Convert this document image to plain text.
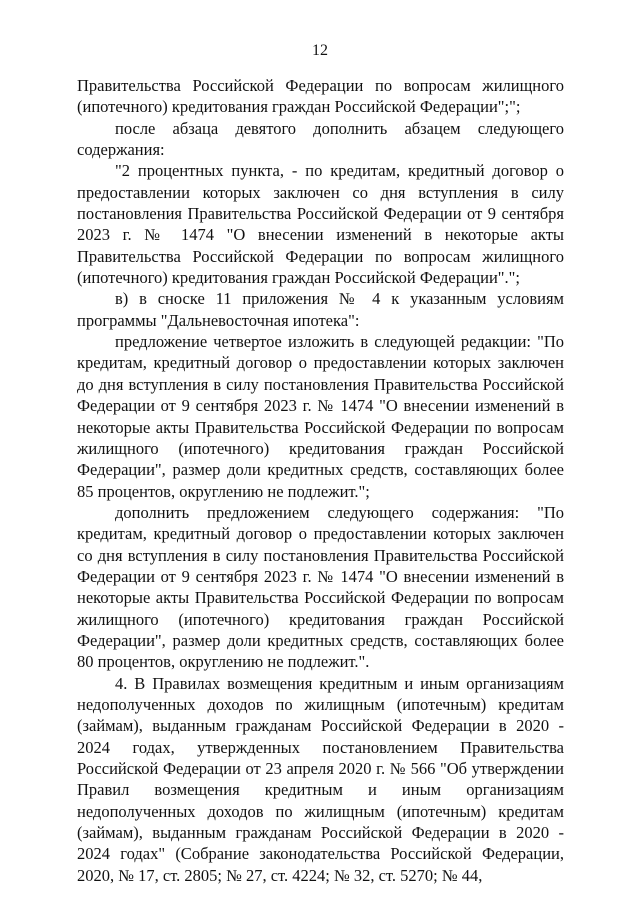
12

Правительства Российской Федерации по вопросам жилищного (ипотечного) кредитования граждан Российской Федерации";";

после абзаца девятого дополнить абзацем следующего содержания:

"2 процентных пункта, - по кредитам, кредитный договор о предоставлении которых заключен со дня вступления в силу постановления Правительства Российской Федерации от 9 сентября 2023 г. № 1474 "О внесении изменений в некоторые акты Правительства Российской Федерации по вопросам жилищного (ипотечного) кредитования граждан Российской Федерации".";

в) в сноске 11 приложения № 4 к указанным условиям программы "Дальневосточная ипотека":

предложение четвертое изложить в следующей редакции: "По кредитам, кредитный договор о предоставлении которых заключен до дня вступления в силу постановления Правительства Российской Федерации от 9 сентября 2023 г. № 1474 "О внесении изменений в некоторые акты Правительства Российской Федерации по вопросам жилищного (ипотечного) кредитования граждан Российской Федерации", размер доли кредитных средств, составляющих более 85 процентов, округлению не подлежит.";

дополнить предложением следующего содержания: "По кредитам, кредитный договор о предоставлении которых заключен со дня вступления в силу постановления Правительства Российской Федерации от 9 сентября 2023 г. № 1474 "О внесении изменений в некоторые акты Правительства Российской Федерации по вопросам жилищного (ипотечного) кредитования граждан Российской Федерации", размер доли кредитных средств, составляющих более 80 процентов, округлению не подлежит.".

4. В Правилах возмещения кредитным и иным организациям недополученных доходов по жилищным (ипотечным) кредитам (займам), выданным гражданам Российской Федерации в 2020 - 2024 годах, утвержденных постановлением Правительства Российской Федерации от 23 апреля 2020 г. № 566 "Об утверждении Правил возмещения кредитным и иным организациям недополученных доходов по жилищным (ипотечным) кредитам (займам), выданным гражданам Российской Федерации в 2020 - 2024 годах" (Собрание законодательства Российской Федерации, 2020, № 17, ст. 2805; № 27, ст. 4224; № 32, ст. 5270; № 44,
